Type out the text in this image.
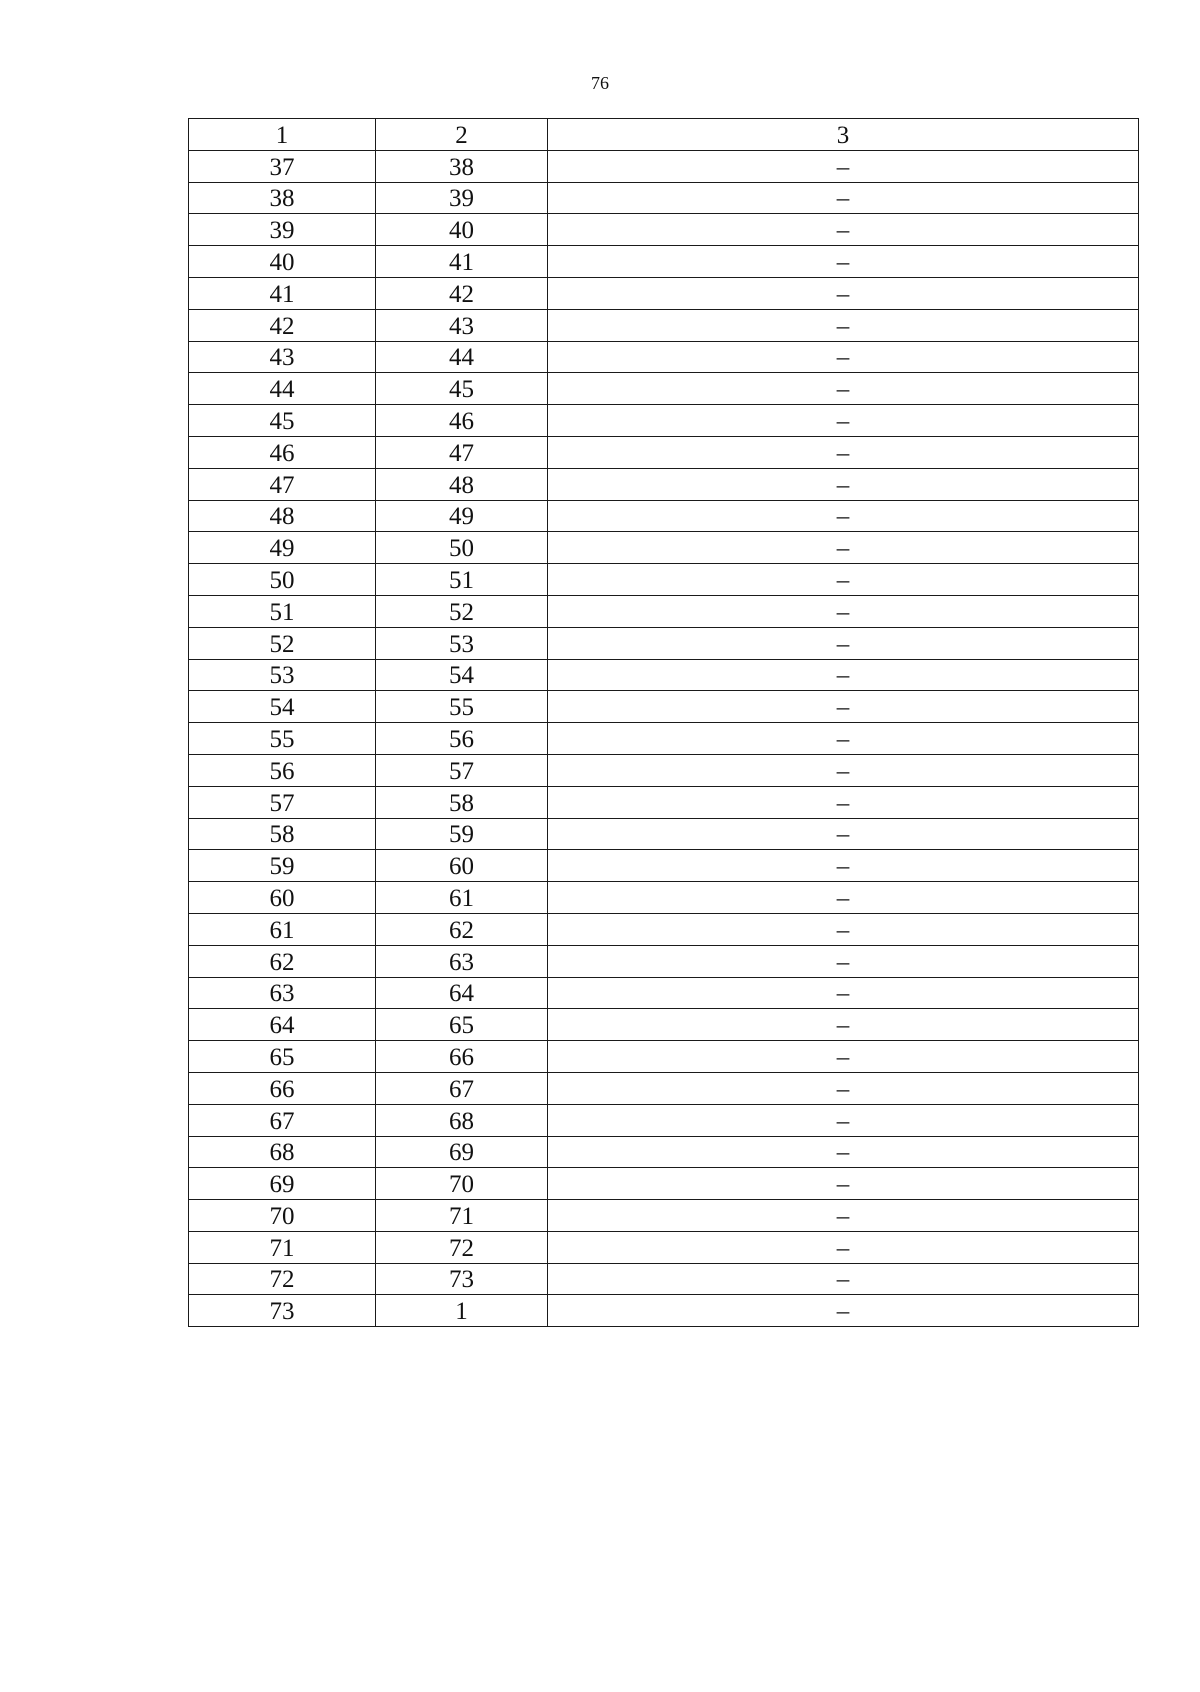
76
1	2	3
37	38	–
38	39	–
39	40	–
40	41	–
41	42	–
42	43	–
43	44	–
44	45	–
45	46	–
46	47	–
47	48	–
48	49	–
49	50	–
50	51	–
51	52	–
52	53	–
53	54	–
54	55	–
55	56	–
56	57	–
57	58	–
58	59	–
59	60	–
60	61	–
61	62	–
62	63	–
63	64	–
64	65	–
65	66	–
66	67	–
67	68	–
68	69	–
69	70	–
70	71	–
71	72	–
72	73	–
73	1	–
